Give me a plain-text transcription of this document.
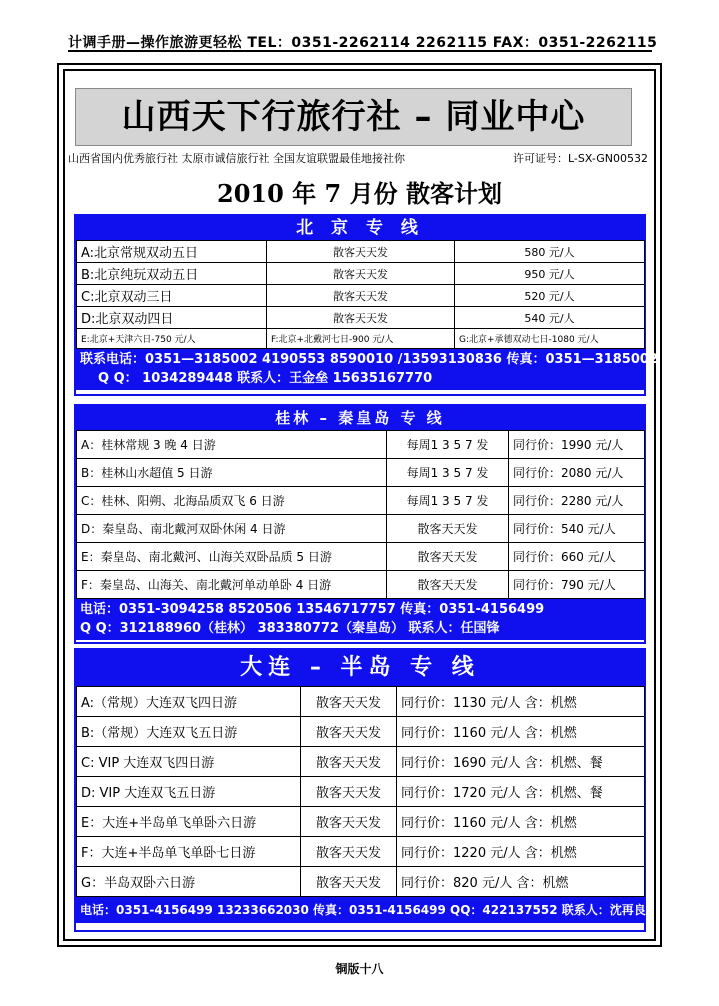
计调手册—操作旅游更轻松 TEL：0351-2262114 2262115 FAX：0351-2262115
山西天下行旅行社 – 同业中心
山西省国内优秀旅行社 太原市诚信旅行社 全国友谊联盟最佳地接社你	许可证号：L-SX-GN00532
2010 年 7 月份 散客计划
北 京 专 线
A:北京常规双动五日	散客天天发	580 元/人
B:北京纯玩双动五日	散客天天发	950 元/人
C:北京双动三日	散客天天发	520 元/人
D:北京双动四日	散客天天发	540 元/人
E:北京+天津六日-750 元/人	F:北京+北戴河七日-900 元/人	G:北京+承德双动七日-1080 元/人
联系电话：0351—3185002 4190553 8590010 /13593130836 传真：0351—3185002
Q Q： 1034289448 联系人：王金垒 15635167770
桂林 – 秦皇岛 专 线
A：桂林常规 3 晚 4 日游	每周1 3 5 7 发	同行价：1990 元/人
B：桂林山水超值 5 日游	每周1 3 5 7 发	同行价：2080 元/人
C：桂林、阳朔、北海品质双飞 6 日游	每周1 3 5 7 发	同行价：2280 元/人
D：秦皇岛、南北戴河双卧休闲 4 日游	散客天天发	同行价：540 元/人
E：秦皇岛、南北戴河、山海关双卧品质 5 日游	散客天天发	同行价：660 元/人
F：秦皇岛、山海关、南北戴河单动单卧 4 日游	散客天天发	同行价：790 元/人
电话：0351-3094258 8520506 13546717757 传真：0351-4156499
Q Q：312188960（桂林） 383380772（秦皇岛） 联系人：任国锋
大连 – 半岛 专 线
A:（常规）大连双飞四日游	散客天天发	同行价：1130 元/人 含：机燃
B:（常规）大连双飞五日游	散客天天发	同行价：1160 元/人 含：机燃
C: VIP 大连双飞四日游	散客天天发	同行价：1690 元/人 含：机燃、餐
D: VIP 大连双飞五日游	散客天天发	同行价：1720 元/人 含：机燃、餐
E：大连+半岛单飞单卧六日游	散客天天发	同行价：1160 元/人 含：机燃
F：大连+半岛单飞单卧七日游	散客天天发	同行价：1220 元/人 含：机燃
G：半岛双卧六日游	散客天天发	同行价：820 元/人 含：机燃
电话：0351-4156499 13233662030 传真：0351-4156499 QQ：422137552 联系人：沈再良
铜版十八
